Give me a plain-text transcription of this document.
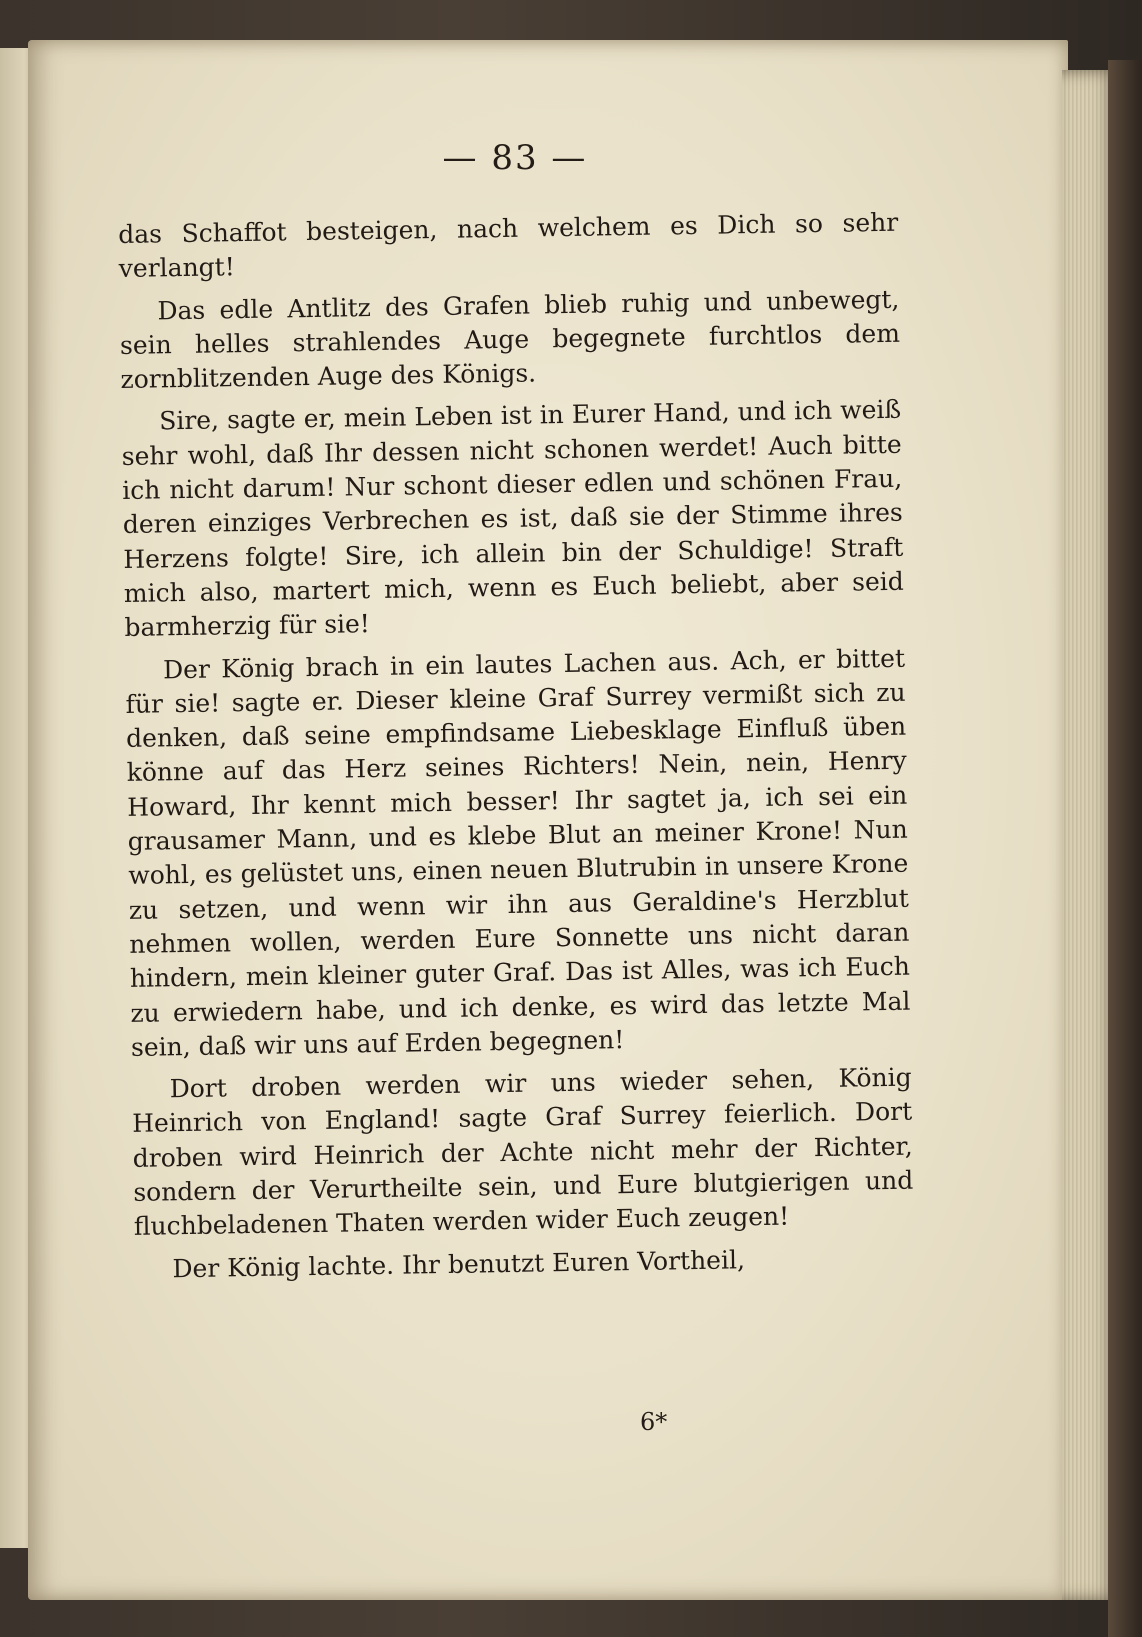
— 83 —

das Schaffot besteigen, nach welchem es Dich so sehr verlangt!

Das edle Antlitz des Grafen blieb ruhig und unbewegt, sein helles strahlendes Auge begegnete furchtlos dem zornblitzenden Auge des Königs.

Sire, sagte er, mein Leben ist in Eurer Hand, und ich weiß sehr wohl, daß Ihr dessen nicht schonen werdet! Auch bitte ich nicht darum! Nur schont dieser edlen und schönen Frau, deren einziges Verbrechen es ist, daß sie der Stimme ihres Herzens folgte! Sire, ich allein bin der Schuldige! Straft mich also, martert mich, wenn es Euch beliebt, aber seid barmherzig für sie!

Der König brach in ein lautes Lachen aus. Ach, er bittet für sie! sagte er. Dieser kleine Graf Surrey vermißt sich zu denken, daß seine empfindsame Liebesklage Einfluß üben könne auf das Herz seines Richters! Nein, nein, Henry Howard, Ihr kennt mich besser! Ihr sagtet ja, ich sei ein grausamer Mann, und es klebe Blut an meiner Krone! Nun wohl, es gelüstet uns, einen neuen Blutrubin in unsere Krone zu setzen, und wenn wir ihn aus Geraldine's Herzblut nehmen wollen, werden Eure Sonnette uns nicht daran hindern, mein kleiner guter Graf. Das ist Alles, was ich Euch zu erwiedern habe, und ich denke, es wird das letzte Mal sein, daß wir uns auf Erden begegnen!

Dort droben werden wir uns wieder sehen, König Heinrich von England! sagte Graf Surrey feierlich. Dort droben wird Heinrich der Achte nicht mehr der Richter, sondern der Verurtheilte sein, und Eure blutgierigen und fluchbeladenen Thaten werden wider Euch zeugen!

Der König lachte. Ihr benutzt Euren Vortheil,

6*
